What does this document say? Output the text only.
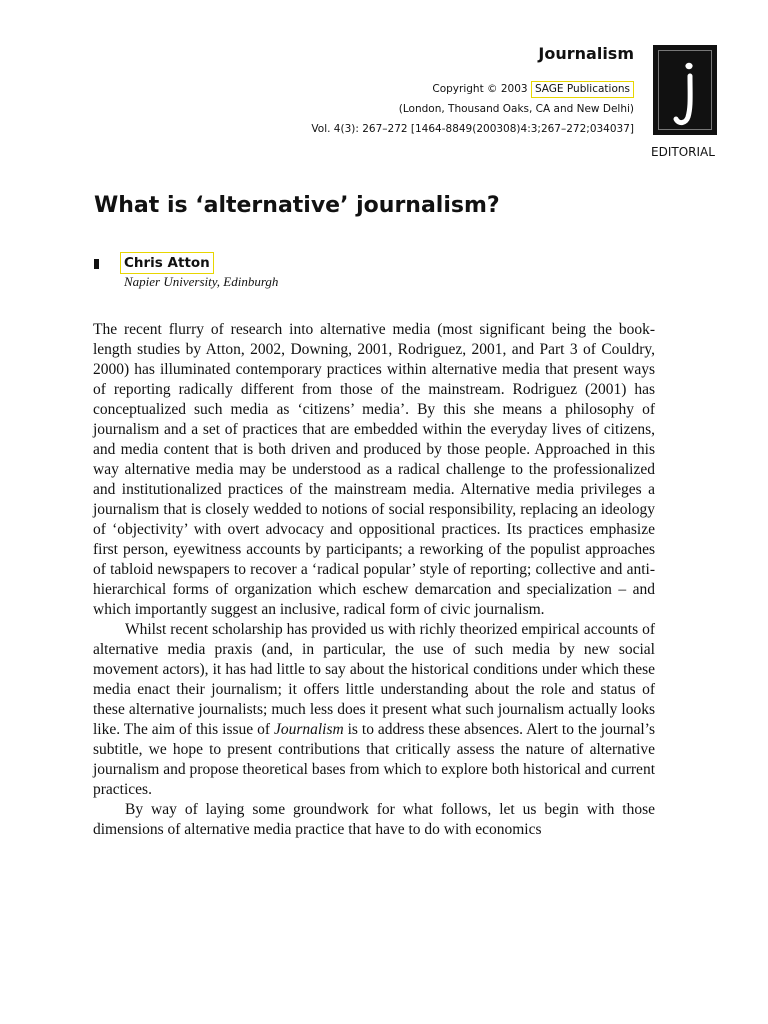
Journalism
Copyright © 2003 SAGE Publications
(London, Thousand Oaks, CA and New Delhi)
Vol. 4(3): 267–272 [1464-8849(200308)4:3;267–272;034037]
EDITORIAL
What is ‘alternative’ journalism?
Chris Atton
Napier University, Edinburgh

The recent flurry of research into alternative media (most significant being the book-length studies by Atton, 2002, Downing, 2001, Rodriguez, 2001, and Part 3 of Couldry, 2000) has illuminated contemporary practices within alternative media that present ways of reporting radically different from those of the mainstream. Rodriguez (2001) has conceptualized such media as ‘citizens’ media’. By this she means a philosophy of journalism and a set of practices that are embedded within the everyday lives of citizens, and media content that is both driven and produced by those people. Approached in this way alternative media may be understood as a radical challenge to the professionalized and institutionalized practices of the mainstream media. Alternative media privileges a journalism that is closely wedded to notions of social responsibility, replacing an ideology of ‘objectivity’ with overt advocacy and oppositional practices. Its practices emphasize first person, eyewitness accounts by participants; a reworking of the populist approaches of tabloid newspapers to recover a ‘radical popular’ style of reporting; collective and antihierarchical forms of organization which eschew demarcation and specialization – and which importantly suggest an inclusive, radical form of civic journalism.

Whilst recent scholarship has provided us with richly theorized empirical accounts of alternative media praxis (and, in particular, the use of such media by new social movement actors), it has had little to say about the historical conditions under which these media enact their journalism; it offers little understanding about the role and status of these alternative journalists; much less does it present what such journalism actually looks like. The aim of this issue of Journalism is to address these absences. Alert to the journal’s subtitle, we hope to present contributions that critically assess the nature of alternative journalism and propose theoretical bases from which to explore both historical and current practices.

By way of laying some groundwork for what follows, let us begin with those dimensions of alternative media practice that have to do with economics
